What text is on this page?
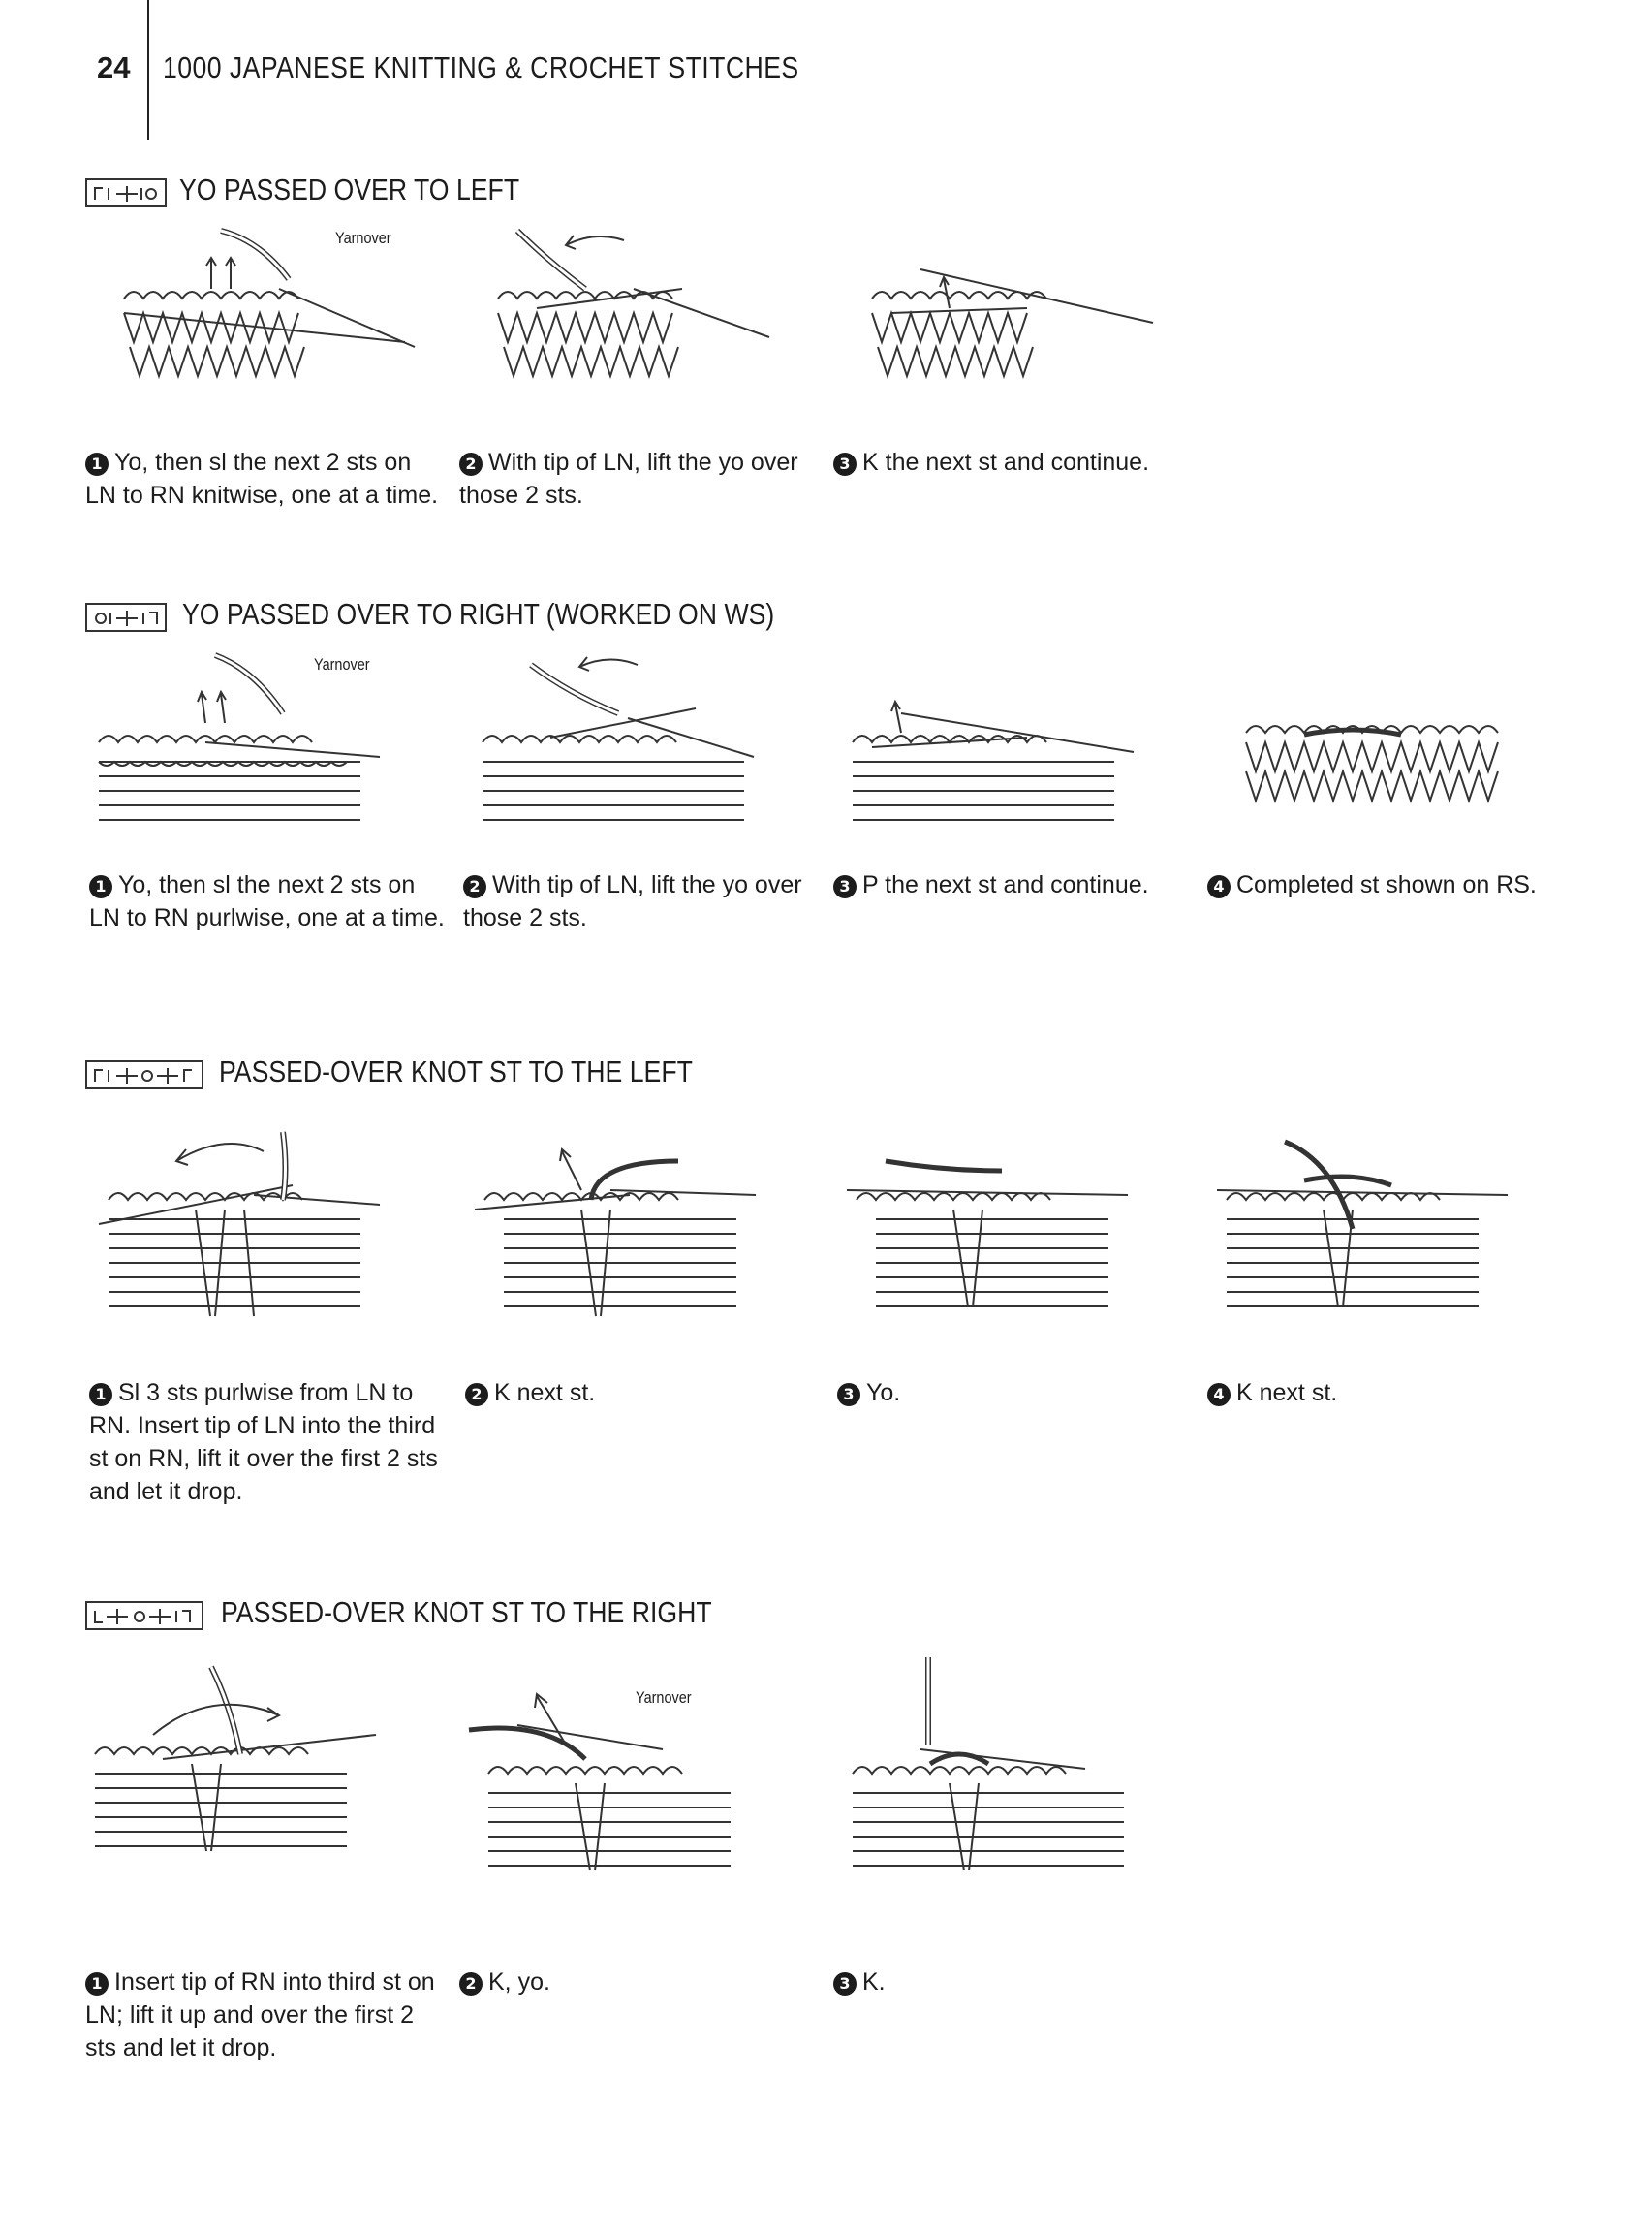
24 1000 JAPANESE KNITTING & CROCHET STITCHES
YO PASSED OVER TO LEFT
Yarnover
1 Yo, then sl the next 2 sts on LN to RN knitwise, one at a time.
2 With tip of LN, lift the yo over those 2 sts.
3 K the next st and continue.
YO PASSED OVER TO RIGHT (WORKED ON WS)
Yarnover
1 Yo, then sl the next 2 sts on LN to RN purlwise, one at a time.
2 With tip of LN, lift the yo over those 2 sts.
3 P the next st and continue.	4 Completed st shown on RS.
PASSED-OVER KNOT ST TO THE LEFT
1 Sl 3 sts purlwise from LN to RN. Insert tip of LN into the third st on RN, lift it over the first 2 sts and let it drop.
2 K next st.	3 Yo.	4 K next st.
PASSED-OVER KNOT ST TO THE RIGHT
1 Insert tip of RN into third st on LN; lift it up and over the first 2 sts and let it drop.
Yarnover
2 K, yo.	3 K.
